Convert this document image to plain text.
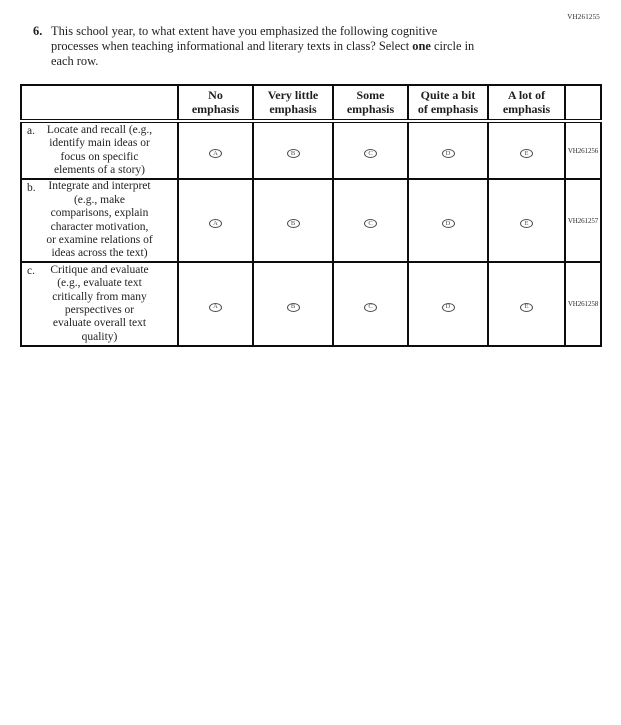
VH261255
6. This school year, to what extent have you emphasized the following cognitive
processes when teaching informational and literary texts in class? Select one circle in
each row.
	No
emphasis	Very little
emphasis	Some
emphasis	Quite a bit
of emphasis	A lot of
emphasis	

a. Locate and recall (e.g.,
identify main ideas or
focus on specific
elements of a story)	A	B	C	D	E	VH261256

b.	Integrate and interpret
(e.g., make
comparisons, explain
character motivation,
or examine relations of
ideas across the text)
	A	B	C	D	E	VH261257

c.	Critique and evaluate
(e.g., evaluate text
critically from many
perspectives or
evaluate overall text
quality)
	A	B	C	D	E	VH261258
